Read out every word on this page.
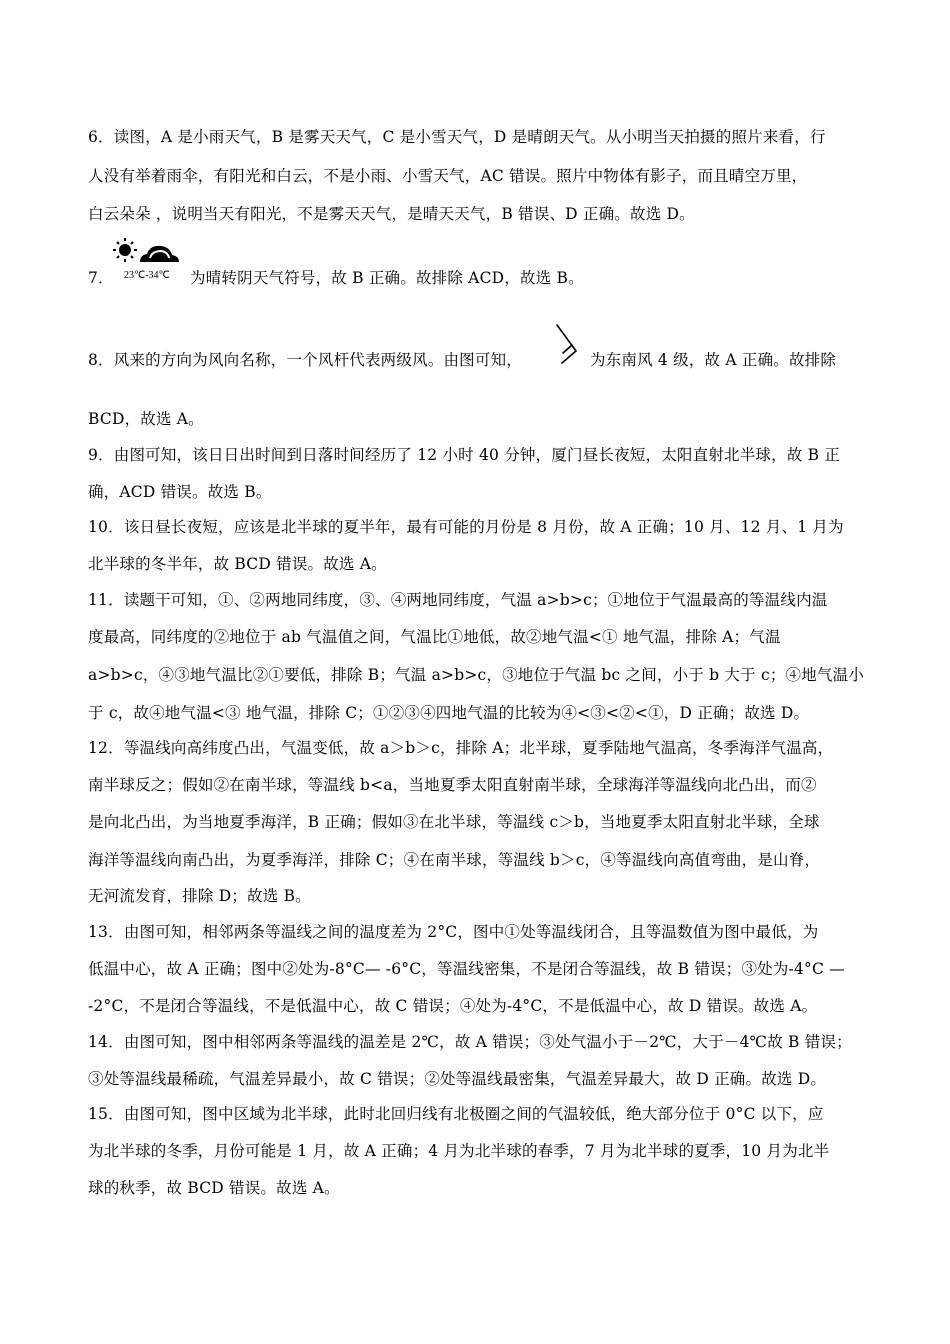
6．读图，A 是小雨天气，B 是雾天天气，C 是小雪天气，D 是晴朗天气。从小明当天拍摄的照片来看，行
人没有举着雨伞，有阳光和白云，不是小雨、小雪天气，AC 错误。照片中物体有影子，而且晴空万里，
白云朵朵 ，说明当天有阳光，不是雾天天气，是晴天天气，B 错误、D 正确。故选 D。
7． 23℃-34℃ 为晴转阴天气符号，故 B 正确。故排除 ACD，故选 B。
8．风来的方向为风向名称，一个风杆代表两级风。由图可知，	为东南风 4 级，故 A 正确。故排除
BCD，故选 A。
9．由图可知，该日日出时间到日落时间经历了 12 小时 40 分钟，厦门昼长夜短，太阳直射北半球，故 B 正
确，ACD 错误。故选 B。
10．该日昼长夜短，应该是北半球的夏半年，最有可能的月份是 8 月份，故 A 正确；10 月、12 月、1 月为
北半球的冬半年，故 BCD 错误。故选 A。
11．读题干可知，①、②两地同纬度，③、④两地同纬度，气温 a>b>c；①地位于气温最高的等温线内温
度最高，同纬度的②地位于 ab 气温值之间，气温比①地低，故②地气温<① 地气温，排除 A；气温
a>b>c，④③地气温比②①要低，排除 B；气温 a>b>c，③地位于气温 bc 之间，小于 b 大于 c；④地气温小
于 c，故④地气温<③ 地气温，排除 C；①②③④四地气温的比较为④<③<②<①，D 正确；故选 D。
12．等温线向高纬度凸出，气温变低，故 a＞b＞c，排除 A；北半球，夏季陆地气温高，冬季海洋气温高，
南半球反之；假如②在南半球，等温线 b<a，当地夏季太阳直射南半球，全球海洋等温线向北凸出，而②
是向北凸出，为当地夏季海洋，B 正确；假如③在北半球，等温线 c＞b，当地夏季太阳直射北半球，全球
海洋等温线向南凸出，为夏季海洋，排除 C；④在南半球，等温线 b＞c，④等温线向高值弯曲，是山脊，
无河流发育，排除 D；故选 B。
13．由图可知，相邻两条等温线之间的温度差为 2°C，图中①处等温线闭合，且等温数值为图中最低，为
低温中心，故 A 正确；图中②处为-8°C— -6°C，等温线密集，不是闭合等温线，故 B 错误；③处为-4°C —
-2°C，不是闭合等温线，不是低温中心，故 C 错误；④处为-4°C，不是低温中心，故 D 错误。故选 A。
14．由图可知，图中相邻两条等温线的温差是 2℃，故 A 错误；③处气温小于－2℃，大于－4℃故 B 错误；
③处等温线最稀疏，气温差异最小，故 C 错误；②处等温线最密集，气温差异最大，故 D 正确。故选 D。
15．由图可知，图中区域为北半球，此时北回归线有北极圈之间的气温较低，绝大部分位于 0°C 以下，应
为北半球的冬季，月份可能是 1 月，故 A 正确；4 月为北半球的春季，7 月为北半球的夏季，10 月为北半
球的秋季，故 BCD 错误。故选 A。
